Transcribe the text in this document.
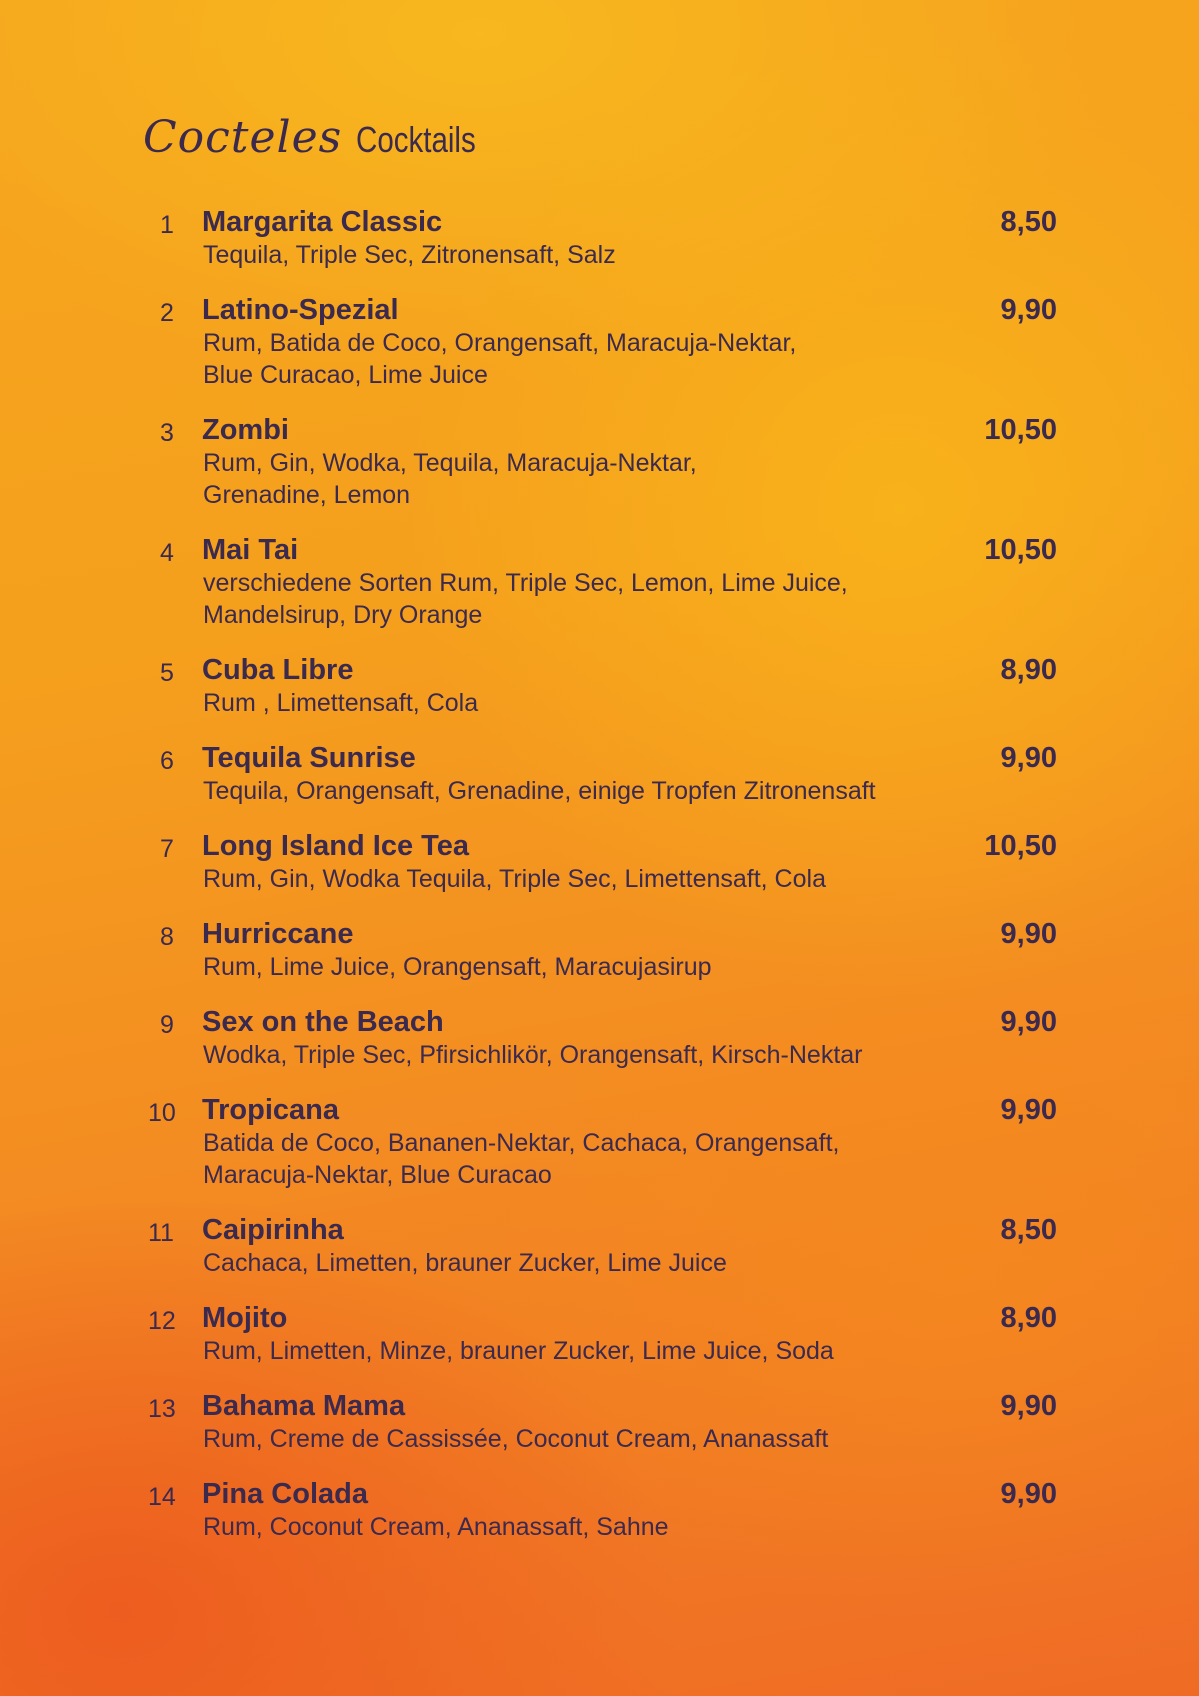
Cocteles Cocktails
1 Margarita Classic
Tequila, Triple Sec, Zitronensaft, Salz
8,50
2 Latino-Spezial
Rum, Batida de Coco, Orangensaft, Maracuja-Nektar,
Blue Curacao, Lime Juice
9,90
3 Zombi
Rum, Gin, Wodka, Tequila, Maracuja-Nektar,
Grenadine, Lemon
10,50
4 Mai Tai
verschiedene Sorten Rum, Triple Sec, Lemon, Lime Juice,
Mandelsirup, Dry Orange
10,50
5 Cuba Libre
Rum , Limettensaft, Cola
8,90
6 Tequila Sunrise
Tequila, Orangensaft, Grenadine, einige Tropfen Zitronensaft
9,90
7 Long Island Ice Tea
Rum, Gin, Wodka Tequila, Triple Sec, Limettensaft, Cola
10,50
8 Hurriccane
Rum, Lime Juice, Orangensaft, Maracujasirup
9,90
9 Sex on the Beach
Wodka, Triple Sec, Pfirsichlikör, Orangensaft, Kirsch-Nektar
9,90
10 Tropicana
Batida de Coco, Bananen-Nektar, Cachaca, Orangensaft,
Maracuja-Nektar, Blue Curacao
9,90
11 Caipirinha
Cachaca, Limetten, brauner Zucker, Lime Juice
8,50
12 Mojito
Rum, Limetten, Minze, brauner Zucker, Lime Juice, Soda
8,90
13 Bahama Mama
Rum, Creme de Cassissée, Coconut Cream, Ananassaft
9,90
14 Pina Colada
Rum, Coconut Cream, Ananassaft, Sahne
9,90
